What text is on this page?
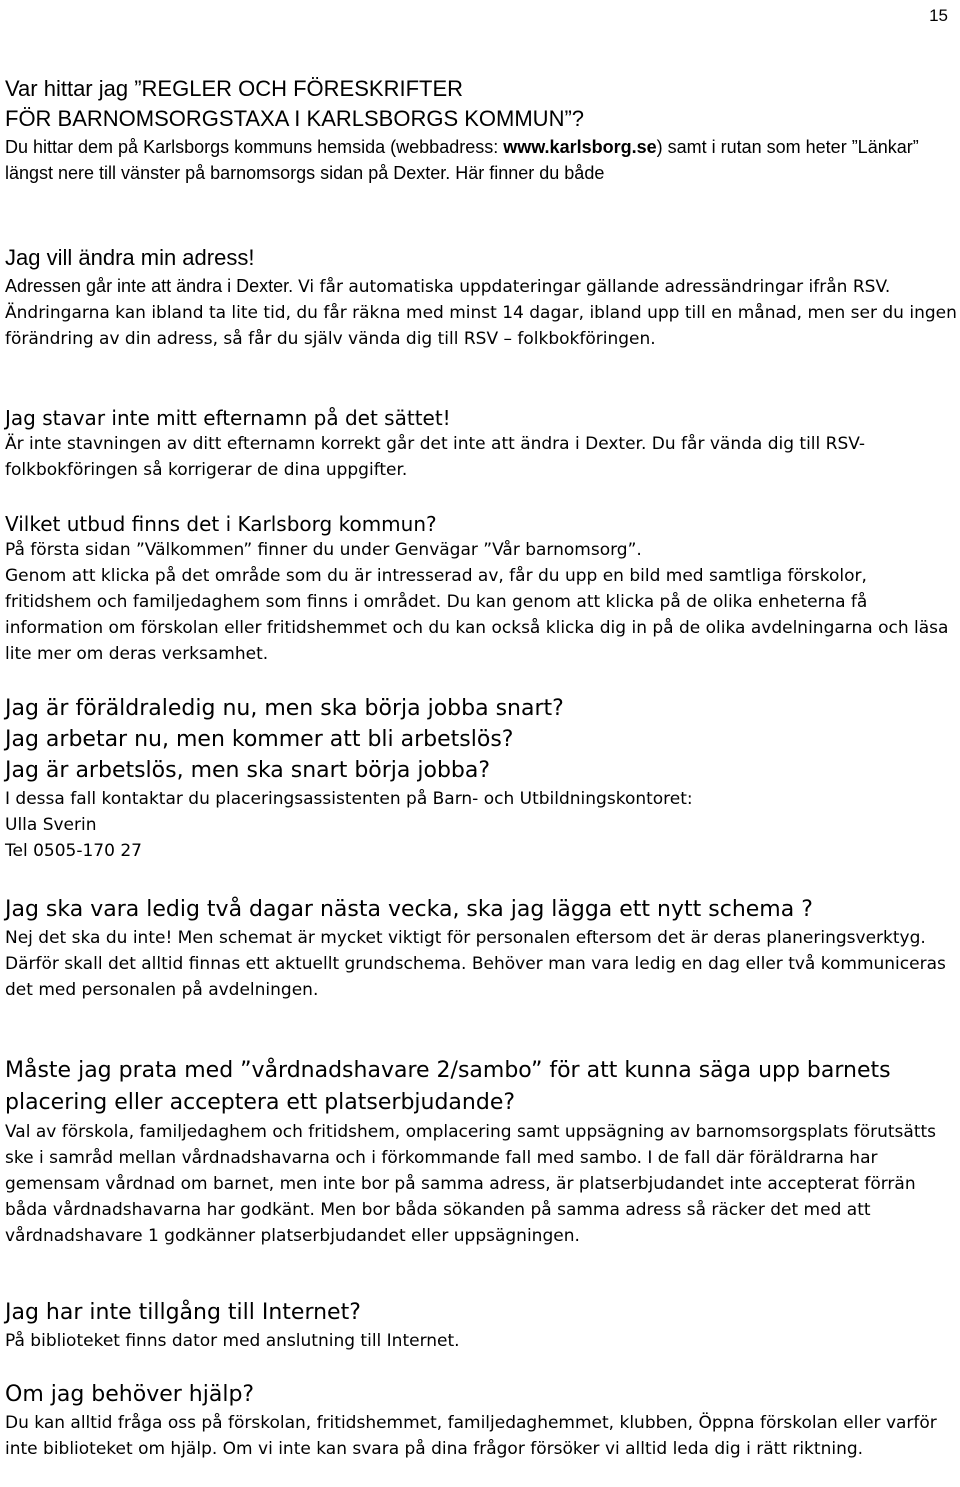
15
Var hittar jag ”REGLER OCH FÖRESKRIFTER
FÖR BARNOMSORGSTAXA I KARLSBORGS KOMMUN”?

Du hittar dem på Karlsborgs kommuns hemsida (webbadress: www.karlsborg.se) samt i rutan som heter ”Länkar” längst nere till vänster på barnomsorgs sidan på Dexter. Här finner du både

Jag vill ändra min adress!

Adressen går inte att ändra i Dexter. Vi får automatiska uppdateringar gällande adressändringar ifrån RSV. Ändringarna kan ibland ta lite tid, du får räkna med minst 14 dagar, ibland upp till en månad, men ser du ingen förändring av din adress, så får du själv vända dig till RSV – folkbokföringen.

Jag stavar inte mitt efternamn på det sättet!

Är inte stavningen av ditt efternamn korrekt går det inte att ändra i Dexter. Du får vända dig till RSV-folkbokföringen så korrigerar de dina uppgifter.

Vilket utbud finns det i Karlsborg kommun?

På första sidan ”Välkommen” finner du under Genvägar ”Vår barnomsorg”.

Genom att klicka på det område som du är intresserad av, får du upp en bild med samtliga förskolor, fritidshem och familjedaghem som finns i området. Du kan genom att klicka på de olika enheterna få information om förskolan eller fritidshemmet och du kan också klicka dig in på de olika avdelningarna och läsa lite mer om deras verksamhet.

Jag är föräldraledig nu, men ska börja jobba snart?
Jag arbetar nu, men kommer att bli arbetslös?
Jag är arbetslös, men ska snart börja jobba?

I dessa fall kontaktar du placeringsassistenten på Barn- och Utbildningskontoret:

Ulla Sverin

Tel 0505-170 27

Jag ska vara ledig två dagar nästa vecka, ska jag lägga ett nytt schema ?

Nej det ska du inte! Men schemat är mycket viktigt för personalen eftersom det är deras planeringsverktyg. Därför skall det alltid finnas ett aktuellt grundschema. Behöver man vara ledig en dag eller två kommuniceras det med personalen på avdelningen.

Måste jag prata med ”vårdnadshavare 2/sambo” för att kunna säga upp barnets placering eller acceptera ett platserbjudande?

Val av förskola, familjedaghem och fritidshem, omplacering samt uppsägning av barnomsorgsplats förutsätts ske i samråd mellan vårdnadshavarna och i förkommande fall med sambo. I de fall där föräldrarna har gemensam vårdnad om barnet, men inte bor på samma adress, är platserbjudandet inte accepterat förrän båda vårdnadshavarna har godkänt. Men bor båda sökanden på samma adress så räcker det med att vårdnadshavare 1 godkänner platserbjudandet eller uppsägningen.

Jag har inte tillgång till Internet?

På biblioteket finns dator med anslutning till Internet.

Om jag behöver hjälp?

Du kan alltid fråga oss på förskolan, fritidshemmet, familjedaghemmet, klubben, Öppna förskolan eller varför inte biblioteket om hjälp. Om vi inte kan svara på dina frågor försöker vi alltid leda dig i rätt riktning.
